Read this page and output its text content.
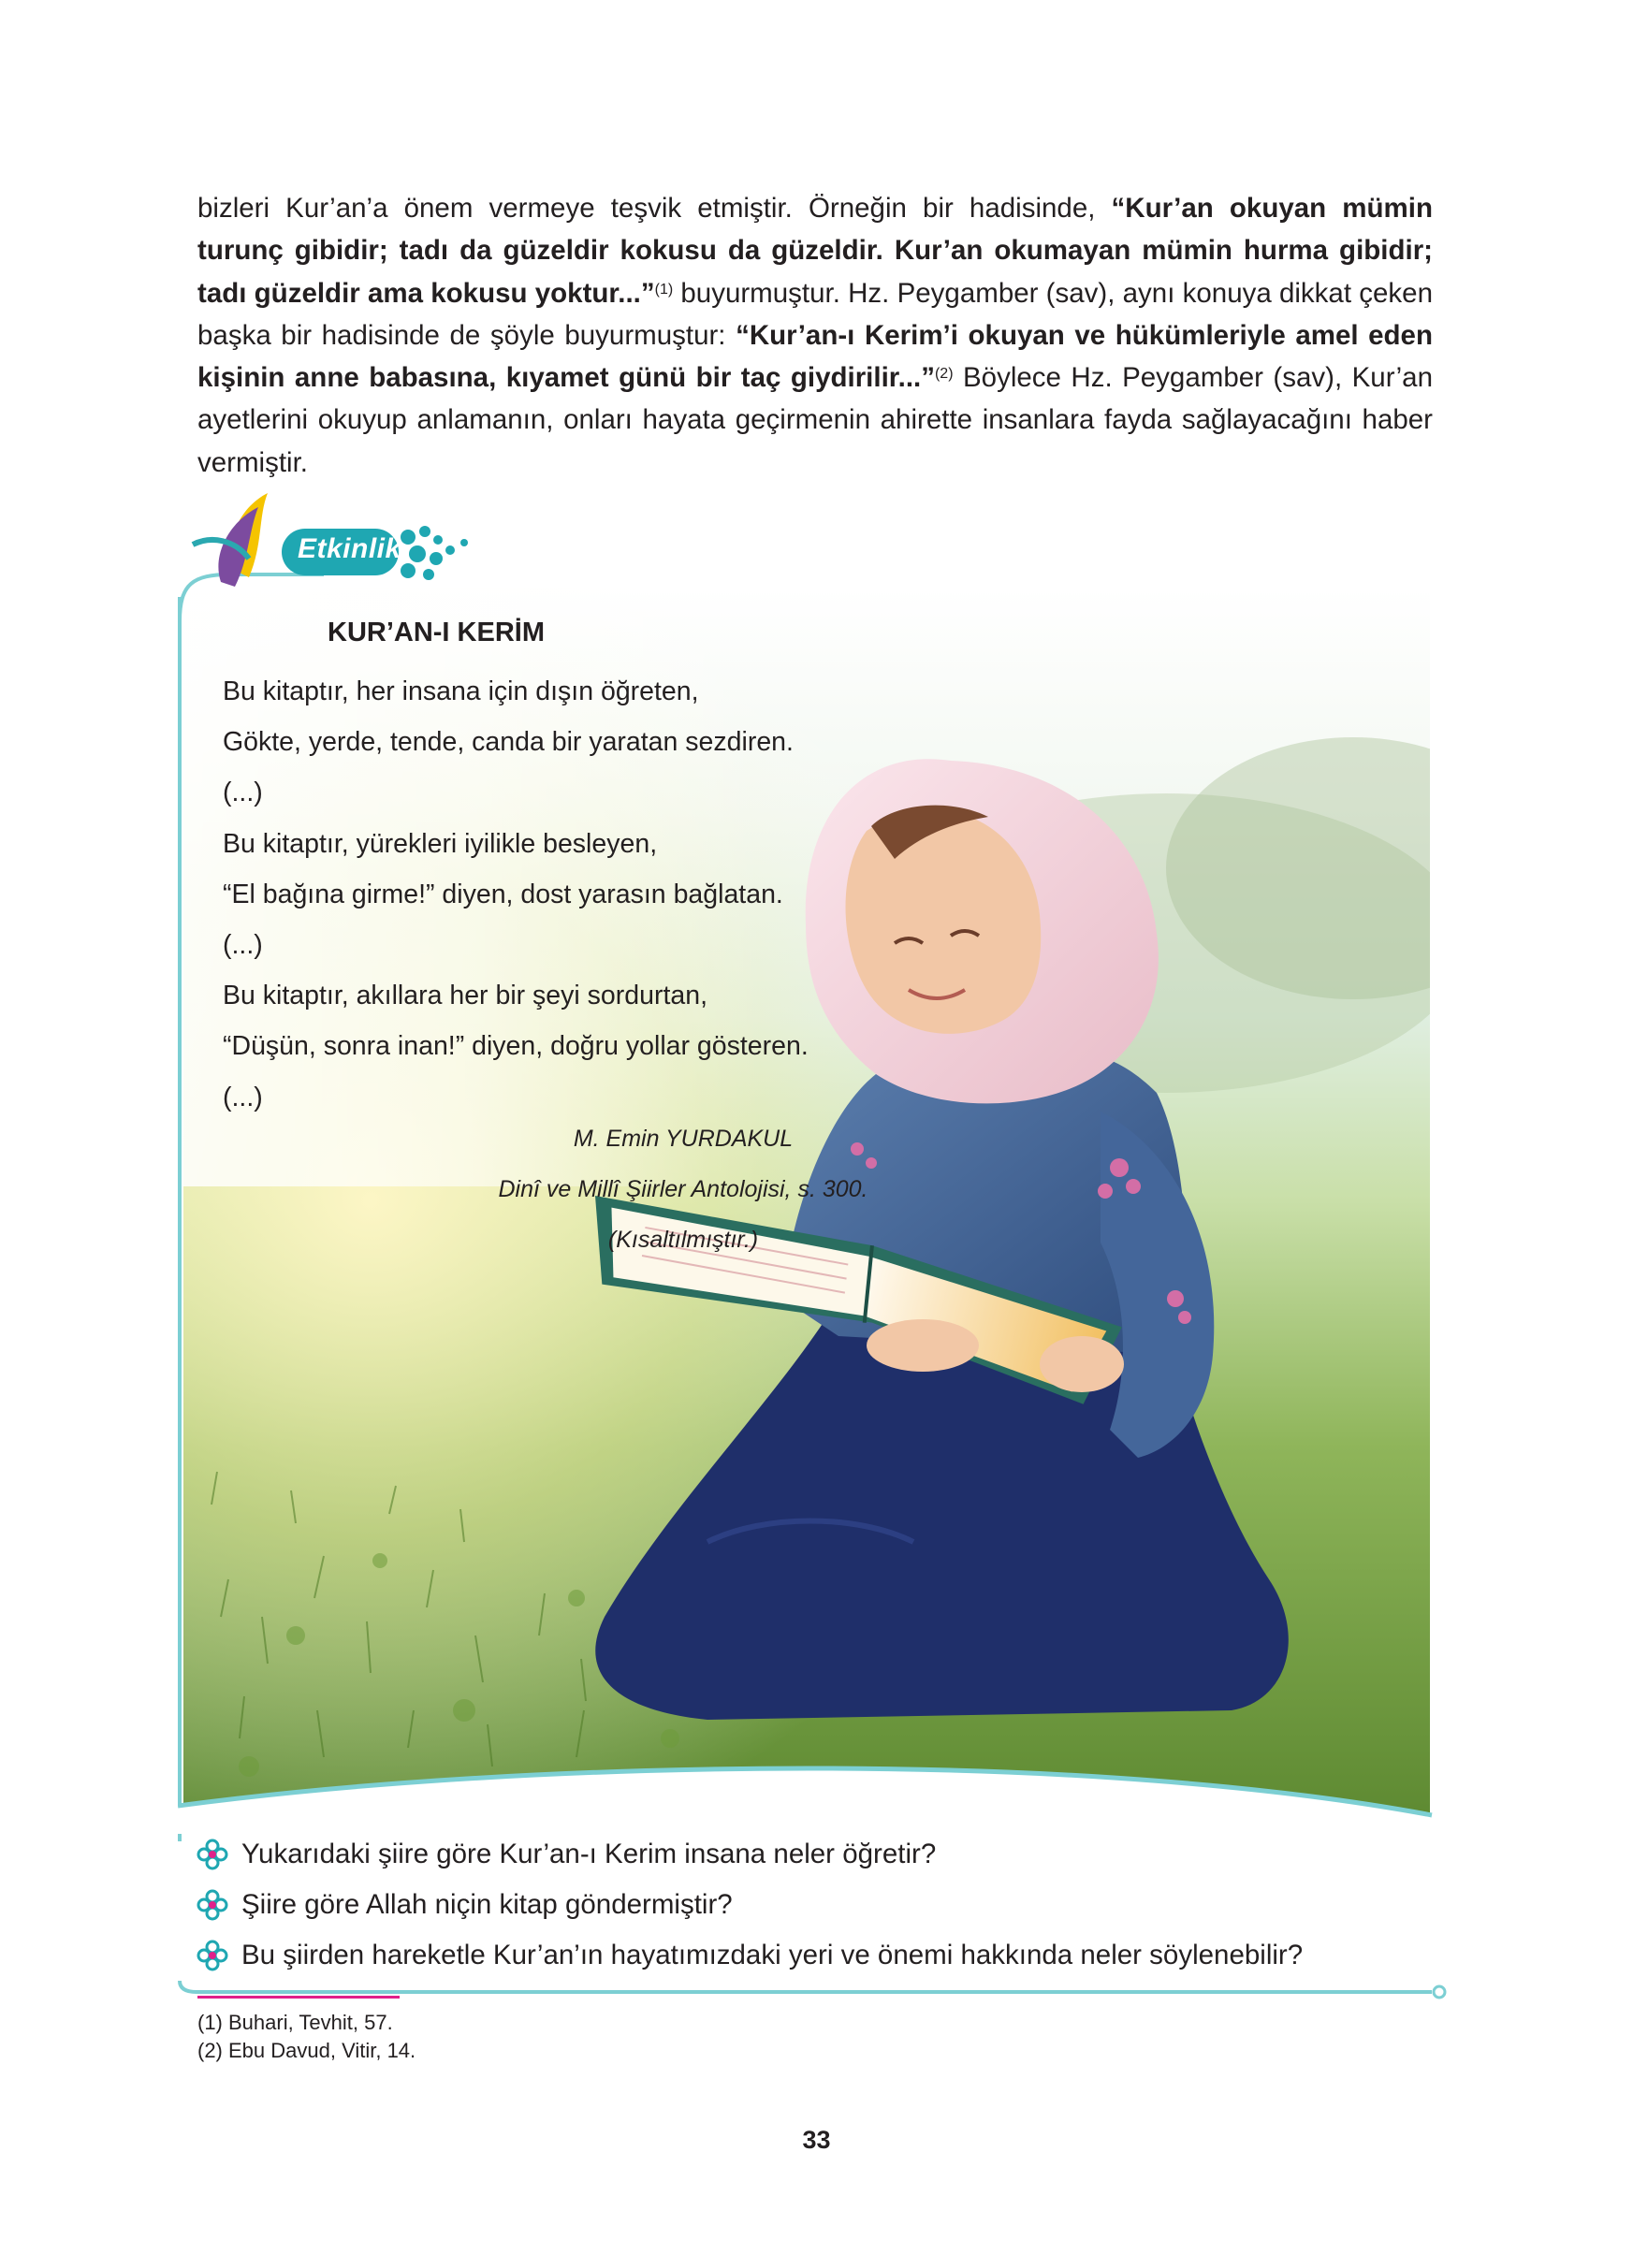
bizleri Kur’an’a önem vermeye teşvik etmiştir. Örneğin bir hadisinde, “Kur’an okuyan mümin turunç gibidir; tadı da güzeldir kokusu da güzeldir. Kur’an okumayan mümin hurma gibidir; tadı güzeldir ama kokusu yoktur...”$^{(1)}$ buyurmuştur. Hz. Peygamber (sav), aynı konuya dikkat çeken başka bir hadisinde de şöyle buyurmuştur: “Kur’an-ı Kerim’i okuyan ve hükümleriyle amel eden kişinin anne babasına, kıyamet günü bir taç giydirilir...”$^{(2)}$ Böylece Hz. Peygamber (sav), Kur’an ayetlerini okuyup anlamanın, onları hayata geçirmenin ahirette insanlara fayda sağlayacağını haber vermiştir.

Etkinlik
KUR’AN-I KERİM
Bu kitaptır, her insana için dışın öğreten,
Gökte, yerde, tende, canda bir yaratan sezdiren.
(...)
Bu kitaptır, yürekleri iyilikle besleyen,
“El bağına girme!” diyen, dost yarasın bağlatan.
(...)
Bu kitaptır, akıllara her bir şeyi sordurtan,
“Düşün, sonra inan!” diyen, doğru yollar gösteren.
(...)
M. Emin YURDAKUL
Dinî ve Millî Şiirler Antolojisi, s. 300.
(Kısaltılmıştır.)
Yukarıdaki şiire göre Kur’an-ı Kerim insana neler öğretir?
Şiire göre Allah niçin kitap göndermiştir?
Bu şiirden hareketle Kur’an’ın hayatımızdaki yeri ve önemi hakkında neler söylenebilir?
(1) Buhari, Tevhit, 57.
(2) Ebu Davud, Vitir, 14.
33
